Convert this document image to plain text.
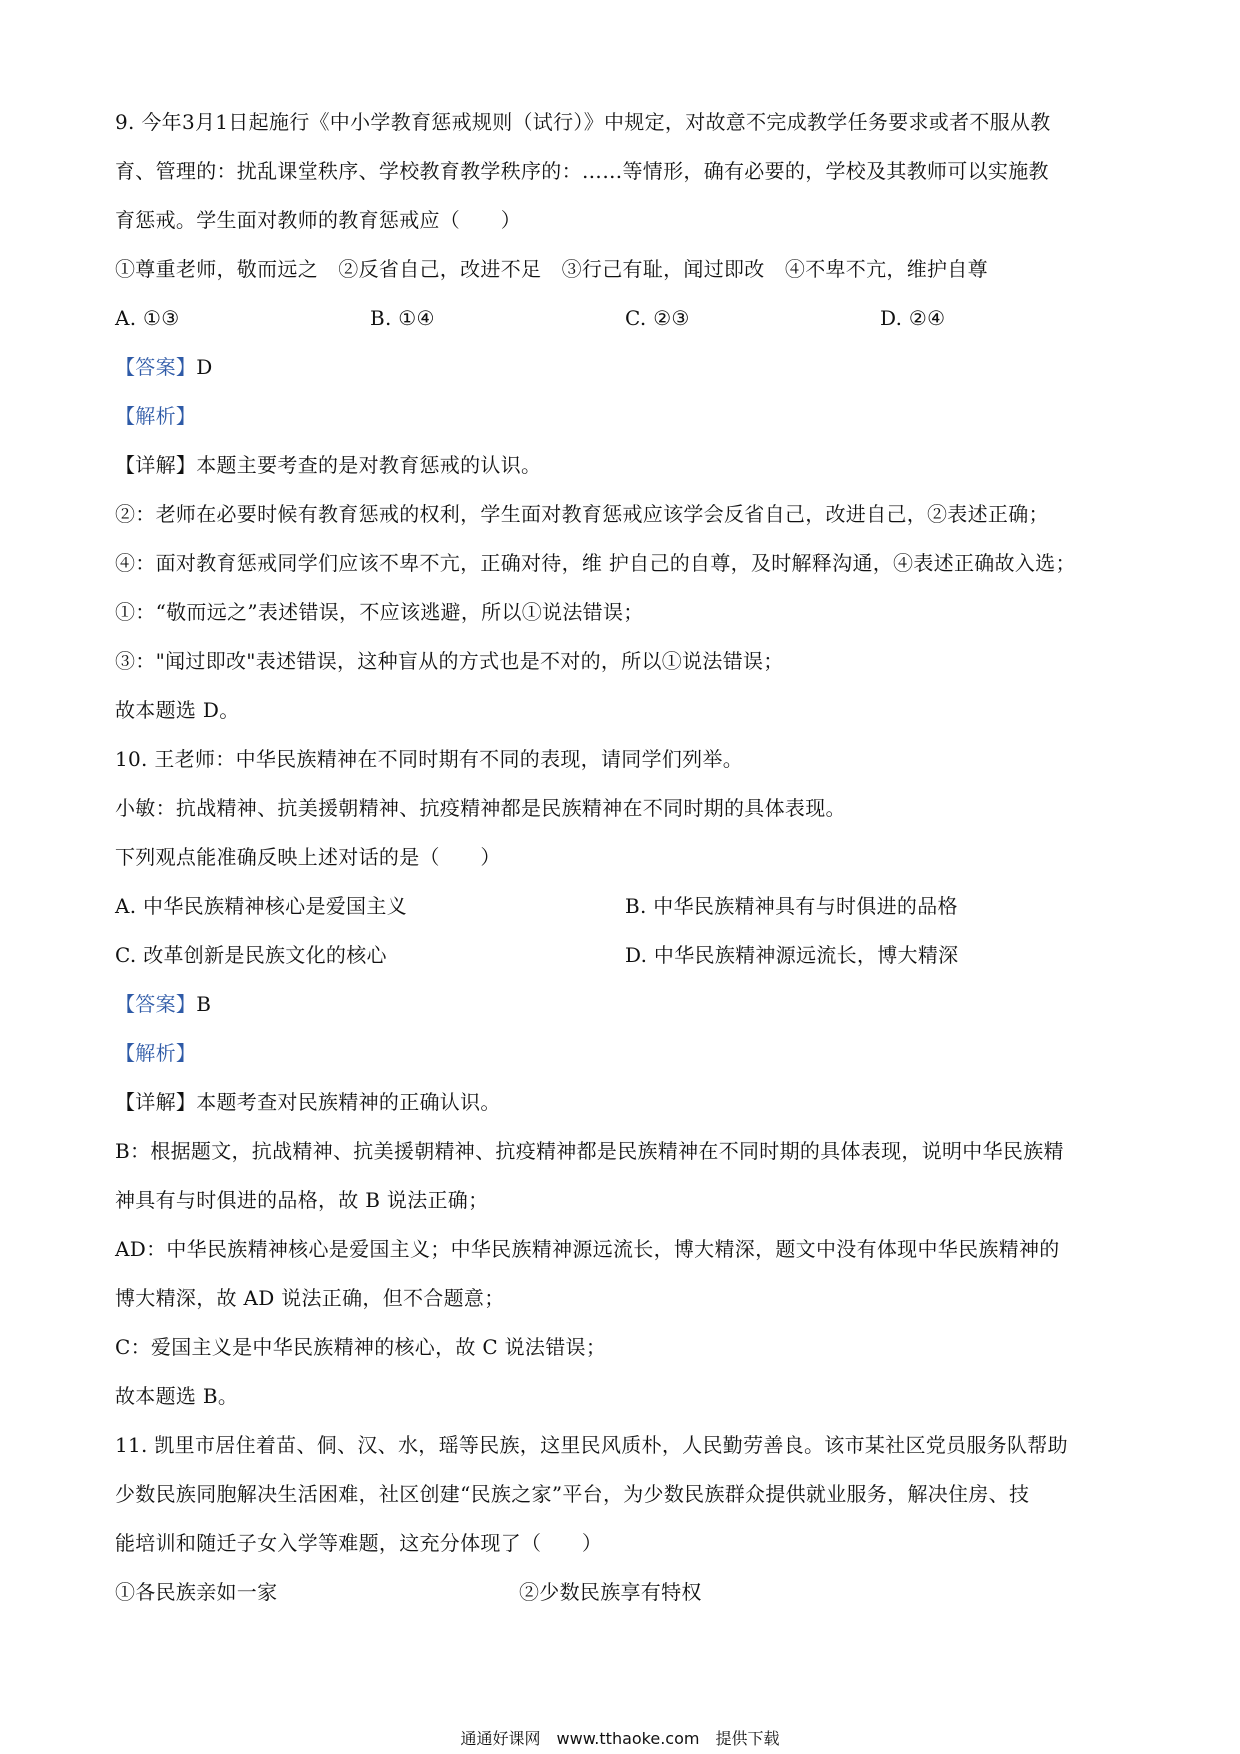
9. 今年3月1日起施行《中小学教育惩戒规则（试行）》中规定，对故意不完成教学任务要求或者不服从教
育、管理的：扰乱课堂秩序、学校教育教学秩序的：……等情形，确有必要的，学校及其教师可以实施教
育惩戒。学生面对教师的教育惩戒应（　　）
①尊重老师，敬而远之　②反省自己，改进不足　③行己有耻，闻过即改　④不卑不亢，维护自尊
A. ①③	B. ①④	C. ②③	D. ②④
【答案】D
【解析】
【详解】本题主要考查的是对教育惩戒的认识。
②：老师在必要时候有教育惩戒的权利，学生面对教育惩戒应该学会反省自己，改进自己，②表述正确；
④：面对教育惩戒同学们应该不卑不亢，正确对待，维 护自己的自尊，及时解释沟通，④表述正确故入选；
①：“敬而远之”表述错误，不应该逃避，所以①说法错误；
③："闻过即改"表述错误，这种盲从的方式也是不对的，所以①说法错误；
故本题选 D。
10. 王老师：中华民族精神在不同时期有不同的表现，请同学们列举。
小敏：抗战精神、抗美援朝精神、抗疫精神都是民族精神在不同时期的具体表现。
下列观点能准确反映上述对话的是（　　）
A. 中华民族精神核心是爱国主义	B. 中华民族精神具有与时俱进的品格
C. 改革创新是民族文化的核心	D. 中华民族精神源远流长，博大精深
【答案】B
【解析】
【详解】本题考查对民族精神的正确认识。
B：根据题文，抗战精神、抗美援朝精神、抗疫精神都是民族精神在不同时期的具体表现，说明中华民族精
神具有与时俱进的品格，故 B 说法正确；
AD：中华民族精神核心是爱国主义；中华民族精神源远流长，博大精深，题文中没有体现中华民族精神的
博大精深，故 AD 说法正确，但不合题意；
C：爱国主义是中华民族精神的核心，故 C 说法错误；
故本题选 B。
11. 凯里市居住着苗、侗、汉、水，瑶等民族，这里民风质朴，人民勤劳善良。该市某社区党员服务队帮助
少数民族同胞解决生活困难，社区创建“民族之家”平台，为少数民族群众提供就业服务，解决住房、技
能培训和随迁子女入学等难题，这充分体现了（　　）
①各民族亲如一家	②少数民族享有特权
通通好课网　www.tthaoke.com　提供下载
